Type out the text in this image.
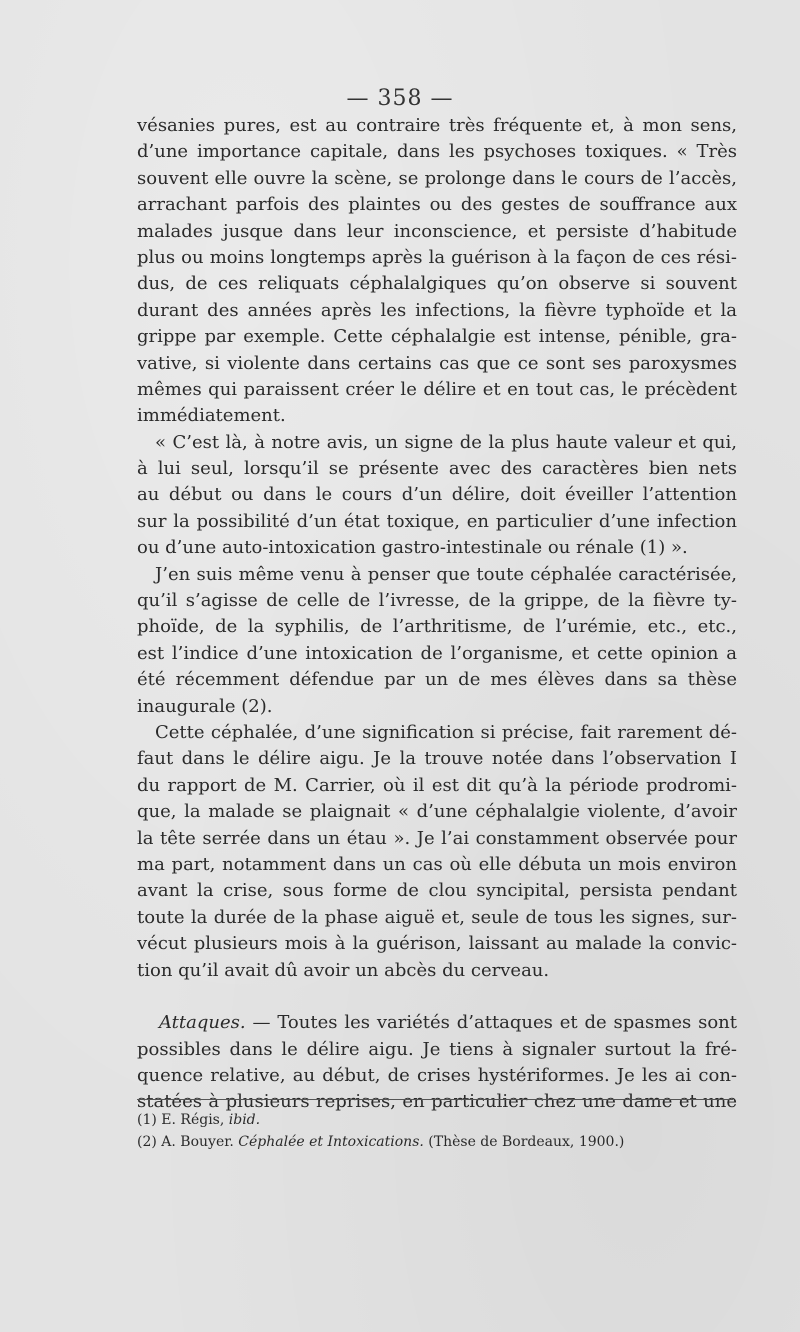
— 358 —
vésanies pures, est au contraire très fréquente et, à mon sens,
d’une importance capitale, dans les psychoses toxiques. « Très
souvent elle ouvre la scène, se prolonge dans le cours de l’accès,
arrachant parfois des plaintes ou des gestes de souffrance aux
malades jusque dans leur inconscience, et persiste d’habitude
plus ou moins longtemps après la guérison à la façon de ces rési-
dus, de ces reliquats céphalalgiques qu’on observe si souvent
durant des années après les infections, la fièvre typhoïde et la
grippe par exemple. Cette céphalalgie est intense, pénible, gra-
vative, si violente dans certains cas que ce sont ses paroxysmes
mêmes qui paraissent créer le délire et en tout cas, le précèdent
immédiatement.
 « C’est là, à notre avis, un signe de la plus haute valeur et qui,
à lui seul, lorsqu’il se présente avec des caractères bien nets
au début ou dans le cours d’un délire, doit éveiller l’attention
sur la possibilité d’un état toxique, en particulier d’une infection
ou d’une auto-intoxication gastro-intestinale ou rénale (1) ».
 J’en suis même venu à penser que toute céphalée caractérisée,
qu’il s’agisse de celle de l’ivresse, de la grippe, de la fièvre ty-
phoïde, de la syphilis, de l’arthritisme, de l’urémie, etc., etc.,
est l’indice d’une intoxication de l’organisme, et cette opinion a
été récemment défendue par un de mes élèves dans sa thèse
inaugurale (2).
 Cette céphalée, d’une signification si précise, fait rarement dé-
faut dans le délire aigu. Je la trouve notée dans l’observation I
du rapport de M. Carrier, où il est dit qu’à la période prodromi-
que, la malade se plaignait « d’une céphalalgie violente, d’avoir
la tête serrée dans un étau ». Je l’ai constamment observée pour
ma part, notamment dans un cas où elle débuta un mois environ
avant la crise, sous forme de clou syncipital, persista pendant
toute la durée de la phase aiguë et, seule de tous les signes, sur-
vécut plusieurs mois à la guérison, laissant au malade la convic-
tion qu’il avait dû avoir un abcès du cerveau.
Attaques. — Toutes les variétés d’attaques et de spasmes sont
possibles dans le délire aigu. Je tiens à signaler surtout la fré-
quence relative, au début, de crises hystériformes. Je les ai con-
statées à plusieurs reprises, en particulier chez une dame et une
(1) E. Régis, ibid.
(2) A. Bouyer. Céphalée et Intoxications. (Thèse de Bordeaux, 1900.)
